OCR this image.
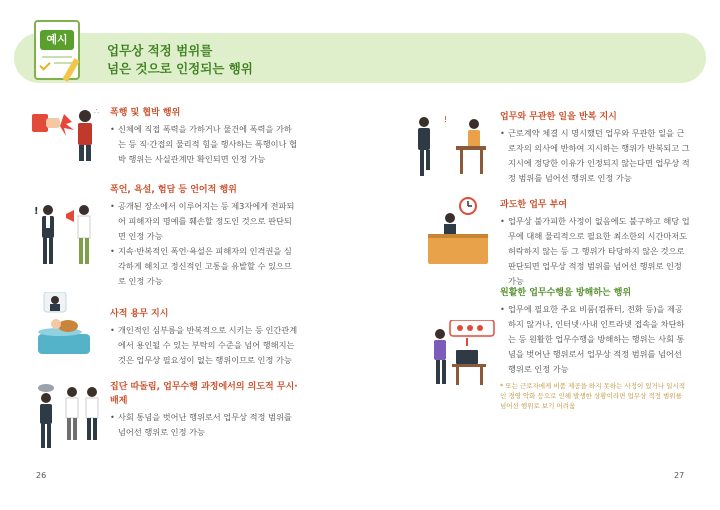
예시
업무상 적정 범위를
넘은 것으로 인정되는 행위
∴
!
폭행 및 협박 행위
• 신체에 직접 폭력을 가하거나 물건에 폭력을 가하는 등 직·간접의 물리적 힘을 행사하는 폭행이나 협박 행위는 사실관계만 확인되면 인정 가능
폭언, 욕설, 험담 등 언어적 행위
• 공개된 장소에서 이루어지는 등 제3자에게 전파되어 피해자의 명예를 훼손할 정도인 것으로 판단되면 인정 가능
• 지속·반복적인 폭언·욕설은 피해자의 인격권을 심각하게 해치고 정신적인 고통을 유발할 수 있으므로 인정 가능
사적 용무 지시
• 개인적인 심부름을 반복적으로 시키는 등 인간관계에서 용인될 수 있는 부탁의 수준을 넘어 행해지는 것은 업무상 필요성이 없는 행위이므로 인정 가능
집단 따돌림, 업무수행 과정에서의 의도적 무시·배제
• 사회 통념을 벗어난 행위로서 업무상 적정 범위를 넘어선 행위로 인정 가능
!	업무와 무관한 일을 반복 지시
• 근로계약 체결 시 명시했던 업무와 무관한 일을 근로자의 의사에 반하여 지시하는 행위가 반복되고 그 지시에 정당한 이유가 인정되지 않는다면 업무상 적정 범위를 넘어선 행위로 인정 가능
과도한 업무 부여
• 업무상 불가피한 사정이 없음에도 불구하고 해당 업무에 대해 물리적으로 필요한 최소한의 시간마저도 허락하지 않는 등 그 행위가 타당하지 않은 것으로 판단되면 업무상 적정 범위를 넘어선 행위로 인정 가능
원활한 업무수행을 방해하는 행위
• 업무에 필요한 주요 비품(컴퓨터, 전화 등)을 제공하지 않거나, 인터넷·사내 인트라넷 접속을 차단하는 등 원활한 업무수행을 방해하는 행위는 사회 통념을 벗어난 행위로서 업무상 적정 범위를 넘어선 행위로 인정 가능
* 또는 근로자에게 비품 제공을 하지 못하는 사정이 있거나 일시적인 경영 악화 등으로 인해 발생한 상황이라면 업무상 적정 범위를 넘어선 행위로 보기 어려움
26	27
